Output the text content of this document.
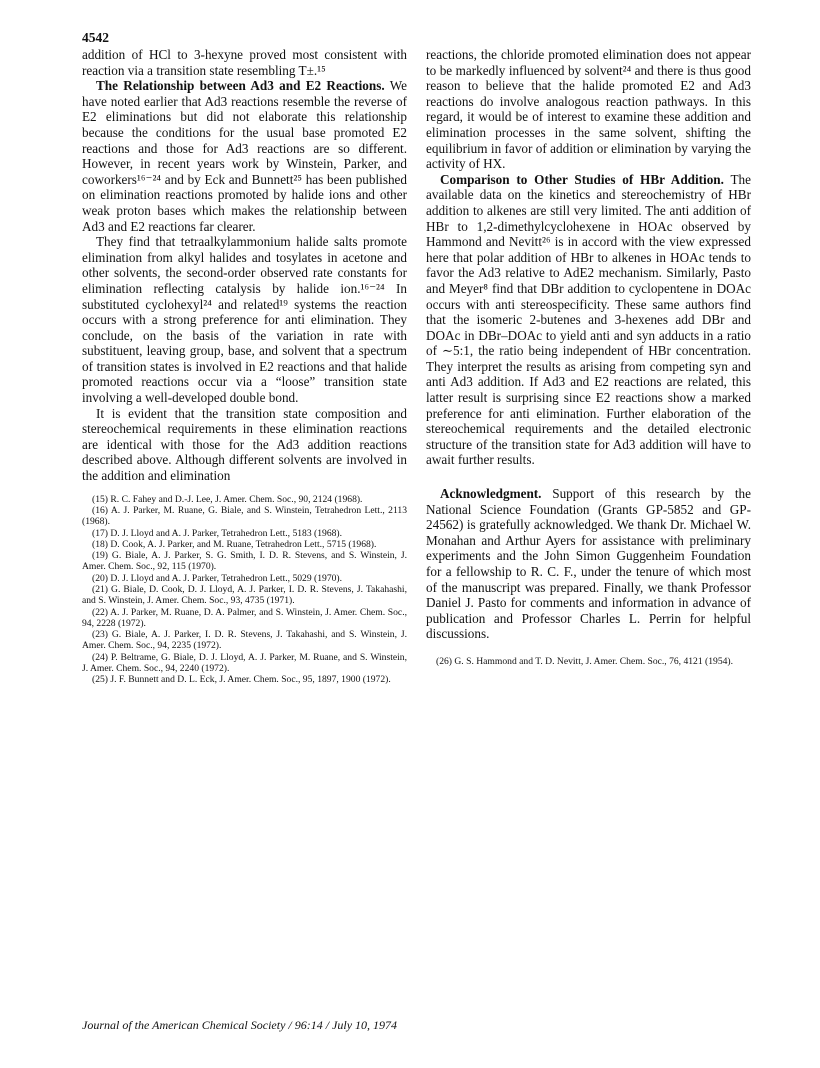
4542

addition of HCl to 3-hexyne proved most consistent with reaction via a transition state resembling T±.¹⁵

The Relationship between Ad3 and E2 Reactions. We have noted earlier that Ad3 reactions resemble the reverse of E2 eliminations but did not elaborate this relationship because the conditions for the usual base promoted E2 reactions and those for Ad3 reactions are so different. However, in recent years work by Winstein, Parker, and coworkers¹⁶⁻²⁴ and by Eck and Bunnett²⁵ has been published on elimination reactions promoted by halide ions and other weak proton bases which makes the relationship between Ad3 and E2 reactions far clearer.

They find that tetraalkylammonium halide salts promote elimination from alkyl halides and tosylates in acetone and other solvents, the second-order observed rate constants for elimination reflecting catalysis by halide ion.¹⁶⁻²⁴ In substituted cyclohexyl²⁴ and related¹⁹ systems the reaction occurs with a strong preference for anti elimination. They conclude, on the basis of the variation in rate with substituent, leaving group, base, and solvent that a spectrum of transition states is involved in E2 reactions and that halide promoted reactions occur via a “loose” transition state involving a well-developed double bond.

It is evident that the transition state composition and stereochemical requirements in these elimination reactions are identical with those for the Ad3 addition reactions described above. Although different solvents are involved in the addition and elimination

(15) R. C. Fahey and D.-J. Lee, J. Amer. Chem. Soc., 90, 2124 (1968).

(16) A. J. Parker, M. Ruane, G. Biale, and S. Winstein, Tetrahedron Lett., 2113 (1968).

(17) D. J. Lloyd and A. J. Parker, Tetrahedron Lett., 5183 (1968).

(18) D. Cook, A. J. Parker, and M. Ruane, Tetrahedron Lett., 5715 (1968).

(19) G. Biale, A. J. Parker, S. G. Smith, I. D. R. Stevens, and S. Winstein, J. Amer. Chem. Soc., 92, 115 (1970).

(20) D. J. Lloyd and A. J. Parker, Tetrahedron Lett., 5029 (1970).

(21) G. Biale, D. Cook, D. J. Lloyd, A. J. Parker, I. D. R. Stevens, J. Takahashi, and S. Winstein, J. Amer. Chem. Soc., 93, 4735 (1971).

(22) A. J. Parker, M. Ruane, D. A. Palmer, and S. Winstein, J. Amer. Chem. Soc., 94, 2228 (1972).

(23) G. Biale, A. J. Parker, I. D. R. Stevens, J. Takahashi, and S. Winstein, J. Amer. Chem. Soc., 94, 2235 (1972).

(24) P. Beltrame, G. Biale, D. J. Lloyd, A. J. Parker, M. Ruane, and S. Winstein, J. Amer. Chem. Soc., 94, 2240 (1972).

(25) J. F. Bunnett and D. L. Eck, J. Amer. Chem. Soc., 95, 1897, 1900 (1972).

reactions, the chloride promoted elimination does not appear to be markedly influenced by solvent²⁴ and there is thus good reason to believe that the halide promoted E2 and Ad3 reactions do involve analogous reaction pathways. In this regard, it would be of interest to examine these addition and elimination processes in the same solvent, shifting the equilibrium in favor of addition or elimination by varying the activity of HX.

Comparison to Other Studies of HBr Addition. The available data on the kinetics and stereochemistry of HBr addition to alkenes are still very limited. The anti addition of HBr to 1,2-dimethylcyclohexene in HOAc observed by Hammond and Nevitt²⁶ is in accord with the view expressed here that polar addition of HBr to alkenes in HOAc tends to favor the Ad3 relative to AdE2 mechanism. Similarly, Pasto and Meyer⁸ find that DBr addition to cyclopentene in DOAc occurs with anti stereospecificity. These same authors find that the isomeric 2-butenes and 3-hexenes add DBr and DOAc in DBr–DOAc to yield anti and syn adducts in a ratio of ∼5:1, the ratio being independent of HBr concentration. They interpret the results as arising from competing syn and anti Ad3 addition. If Ad3 and E2 reactions are related, this latter result is surprising since E2 reactions show a marked preference for anti elimination. Further elaboration of the stereochemical requirements and the detailed electronic structure of the transition state for Ad3 addition will have to await further results.

Acknowledgment. Support of this research by the National Science Foundation (Grants GP-5852 and GP-24562) is gratefully acknowledged. We thank Dr. Michael W. Monahan and Arthur Ayers for assistance with preliminary experiments and the John Simon Guggenheim Foundation for a fellowship to R. C. F., under the tenure of which most of the manuscript was prepared. Finally, we thank Professor Daniel J. Pasto for comments and information in advance of publication and Professor Charles L. Perrin for helpful discussions.

(26) G. S. Hammond and T. D. Nevitt, J. Amer. Chem. Soc., 76, 4121 (1954).

Journal of the American Chemical Society / 96:14 / July 10, 1974
